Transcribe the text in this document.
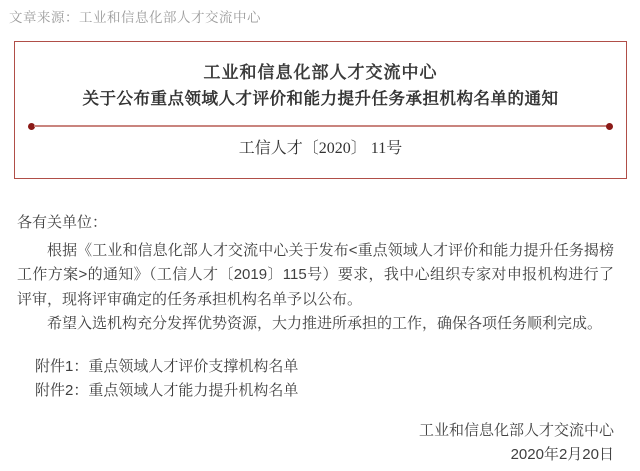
文章来源：工业和信息化部人才交流中心

工业和信息化部人才交流中心
关于公布重点领域人才评价和能力提升任务承担机构名单的通知

工信人才〔2020〕 11号

各有关单位：

根据《工业和信息化部人才交流中心关于发布<重点领域人才评价和能力提升任务揭榜工作方案>的通知》（工信人才〔2019〕115号）要求，我中心组织专家对申报机构进行了评审，现将评审确定的任务承担机构名单予以公布。

希望入选机构充分发挥优势资源，大力推进所承担的工作，确保各项任务顺利完成。

附件1：重点领域人才评价支撑机构名单
附件2：重点领域人才能力提升机构名单
工业和信息化部人才交流中心
2020年2月20日
